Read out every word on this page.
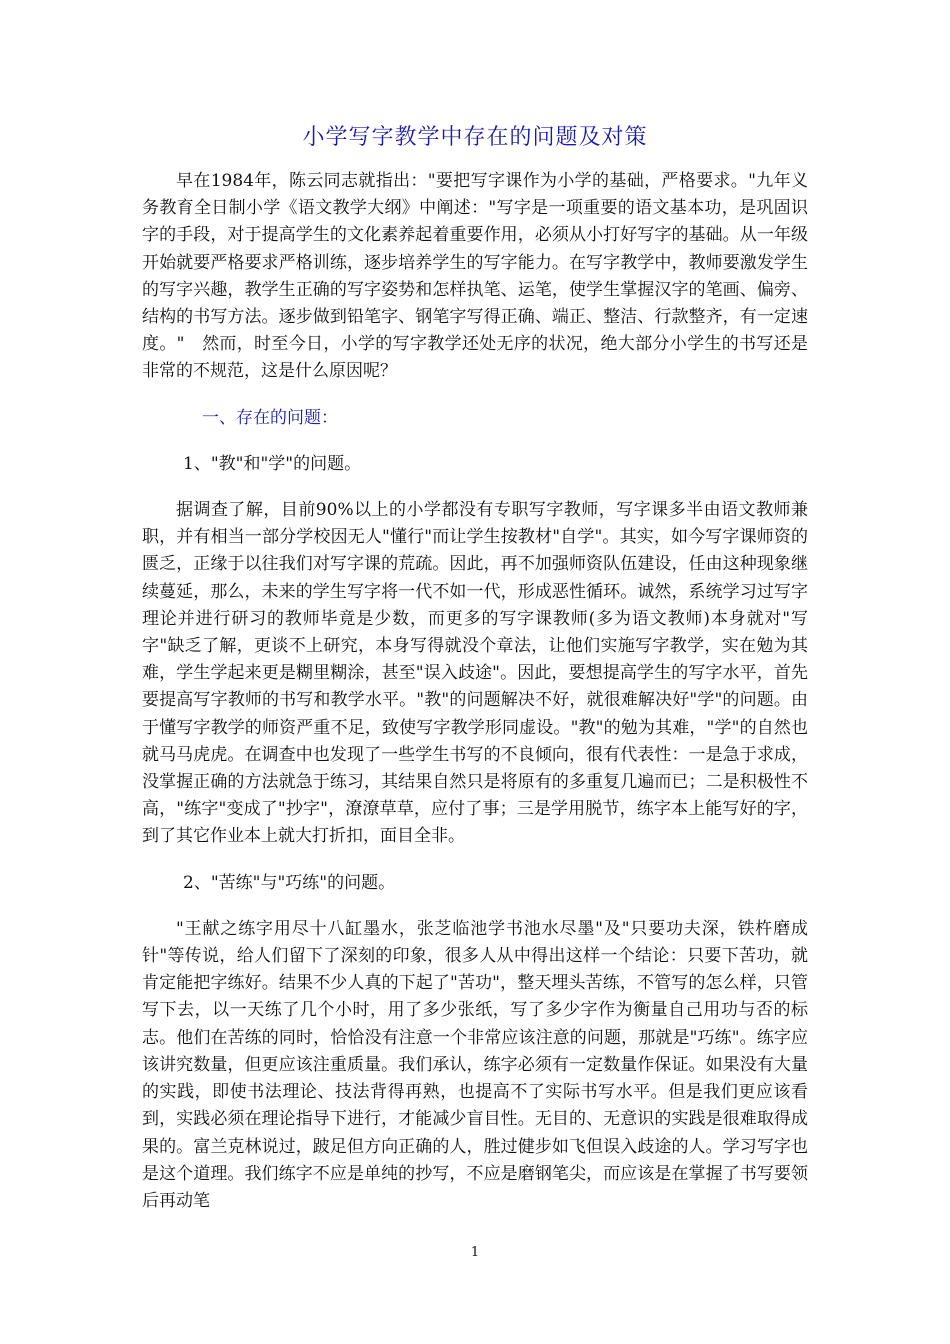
小学写字教学中存在的问题及对策

早在1984年，陈云同志就指出："要把写字课作为小学的基础，严格要求。"九年义务教育全日制小学《语文教学大纲》中阐述："写字是一项重要的语文基本功，是巩固识字的手段，对于提高学生的文化素养起着重要作用，必须从小打好写字的基础。从一年级开始就要严格要求严格训练，逐步培养学生的写字能力。在写字教学中，教师要激发学生的写字兴趣，教学生正确的写字姿势和怎样执笔、运笔，使学生掌握汉字的笔画、偏旁、结构的书写方法。逐步做到铅笔字、钢笔字写得正确、端正、整洁、行款整齐，有一定速度。"　然而，时至今日，小学的写字教学还处无序的状况，绝大部分小学生的书写还是非常的不规范，这是什么原因呢？

一、存在的问题：

1、"教"和"学"的问题。

据调查了解，目前90%以上的小学都没有专职写字教师，写字课多半由语文教师兼职，并有相当一部分学校因无人"懂行"而让学生按教材"自学"。其实，如今写字课师资的匮乏，正缘于以往我们对写字课的荒疏。因此，再不加强师资队伍建设，任由这种现象继续蔓延，那么，未来的学生写字将一代不如一代，形成恶性循环。诚然，系统学习过写字理论并进行研习的教师毕竟是少数，而更多的写字课教师(多为语文教师)本身就对"写字"缺乏了解，更谈不上研究，本身写得就没个章法，让他们实施写字教学，实在勉为其难，学生学起来更是糊里糊涂，甚至"误入歧途"。因此，要想提高学生的写字水平，首先要提高写字教师的书写和教学水平。"教"的问题解决不好，就很难解决好"学"的问题。由于懂写字教学的师资严重不足，致使写字教学形同虚设。"教"的勉为其难，"学"的自然也就马马虎虎。在调查中也发现了一些学生书写的不良倾向，很有代表性：一是急于求成，没掌握正确的方法就急于练习，其结果自然只是将原有的多重复几遍而已；二是积极性不高，"练字"变成了"抄字"，潦潦草草，应付了事；三是学用脱节，练字本上能写好的字，到了其它作业本上就大打折扣，面目全非。

2、"苦练"与"巧练"的问题。

"王献之练字用尽十八缸墨水，张芝临池学书池水尽墨"及"只要功夫深，铁杵磨成针"等传说，给人们留下了深刻的印象，很多人从中得出这样一个结论：只要下苦功，就肯定能把字练好。结果不少人真的下起了"苦功"，整天埋头苦练，不管写的怎么样，只管写下去，以一天练了几个小时，用了多少张纸，写了多少字作为衡量自己用功与否的标志。他们在苦练的同时，恰恰没有注意一个非常应该注意的问题，那就是"巧练"。练字应该讲究数量，但更应该注重质量。我们承认，练字必须有一定数量作保证。如果没有大量的实践，即使书法理论、技法背得再熟，也提高不了实际书写水平。但是我们更应该看到，实践必须在理论指导下进行，才能减少盲目性。无目的、无意识的实践是很难取得成果的。富兰克林说过，跛足但方向正确的人，胜过健步如飞但误入歧途的人。学习写字也是这个道理。我们练字不应是单纯的抄写，不应是磨钢笔尖，而应该是在掌握了书写要领后再动笔

1
